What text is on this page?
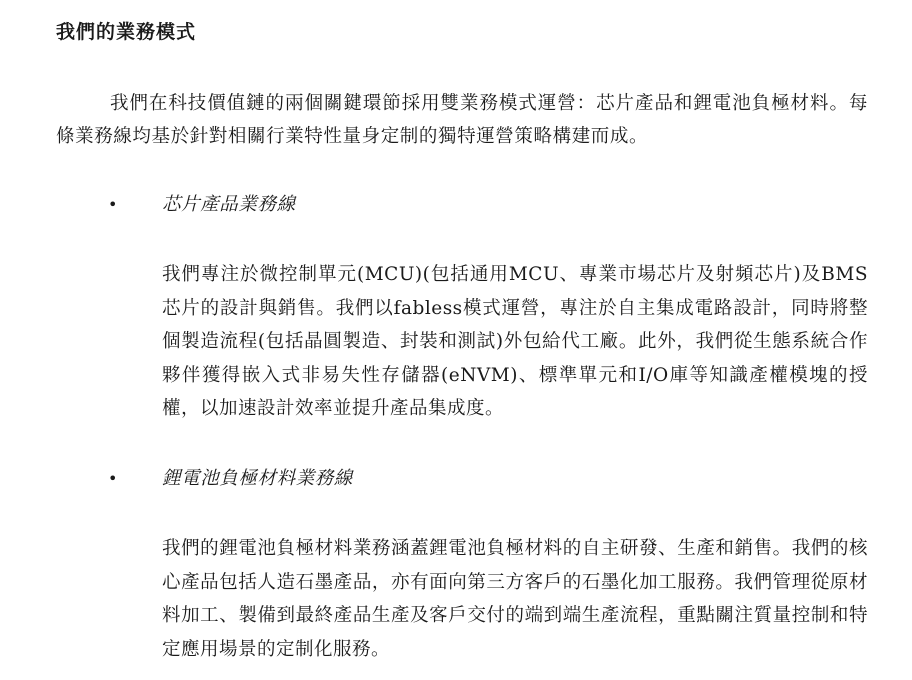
我們的業務模式

我們在科技價值鏈的兩個關鍵環節採用雙業務模式運營：芯片產品和鋰電池負極材料。每條業務線均基於針對相關行業特性量身定制的獨特運營策略構建而成。

• 芯片產品業務線

我們專注於微控制單元(MCU)(包括通用MCU、專業市場芯片及射頻芯片)及BMS芯片的設計與銷售。我們以fabless模式運營，專注於自主集成電路設計，同時將整個製造流程(包括晶圓製造、封裝和測試)外包給代工廠。此外，我們從生態系統合作夥伴獲得嵌入式非易失性存儲器(eNVM)、標準單元和I/O庫等知識產權模塊的授權，以加速設計效率並提升產品集成度。

• 鋰電池負極材料業務線

我們的鋰電池負極材料業務涵蓋鋰電池負極材料的自主研發、生產和銷售。我們的核心產品包括人造石墨產品，亦有面向第三方客戶的石墨化加工服務。我們管理從原材料加工、製備到最終產品生產及客戶交付的端到端生產流程，重點關注質量控制和特定應用場景的定制化服務。
